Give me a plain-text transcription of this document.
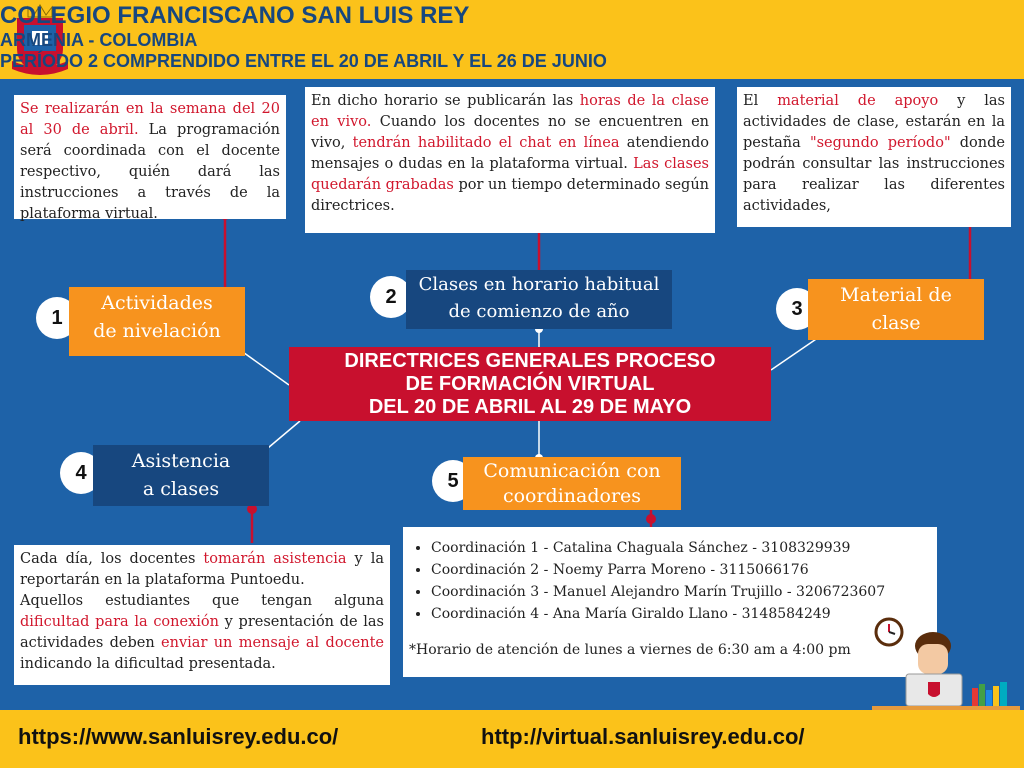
COLEGIO FRANCISCANO SAN LUIS REY
ARMENIA - COLOMBIA
PERÍODO 2 COMPRENDIDO ENTRE EL 20 DE ABRIL Y EL 26 DE JUNIO
Se realizarán en la semana del 20 al 30 de abril. La programación será coordinada con el docente respectivo, quién dará las instrucciones a través de la plataforma virtual.
En dicho horario se publicarán las horas de la clase en vivo. Cuando los docentes no se encuentren en vivo, tendrán habilitado el chat en línea atendiendo mensajes o dudas en la plataforma virtual. Las clases quedarán grabadas por un tiempo determinado según directrices.
El material de apoyo y las actividades de clase, estarán en la pestaña "segundo período" donde podrán consultar las instrucciones para realizar las diferentes actividades,
1
Actividades
de nivelación
2
Clases en horario habitual
de comienzo de año	3
Material de
clase
DIRECTRICES GENERALES PROCESO
DE FORMACIÓN VIRTUAL
DEL 20 DE ABRIL AL 29 DE MAYO
4
Asistencia
a clases	5	Comunicación con
coordinadores
Cada día, los docentes tomarán asistencia y la reportarán en la plataforma Puntoedu.
Aquellos estudiantes que tengan alguna dificultad para la conexión y presentación de las actividades deben enviar un mensaje al docente indicando la dificultad presentada.
• Coordinación 1 - Catalina Chaguala Sánchez - 3108329939
• Coordinación 2 - Noemy Parra Moreno - 3115066176
• Coordinación 3 - Manuel Alejandro Marín Trujillo - 3206723607
• Coordinación 4 - Ana María Giraldo Llano - 3148584249
*Horario de atención de lunes a viernes de 6:30 am a 4:00 pm
https://www.sanluisrey.edu.co/	http://virtual.sanluisrey.edu.co/
